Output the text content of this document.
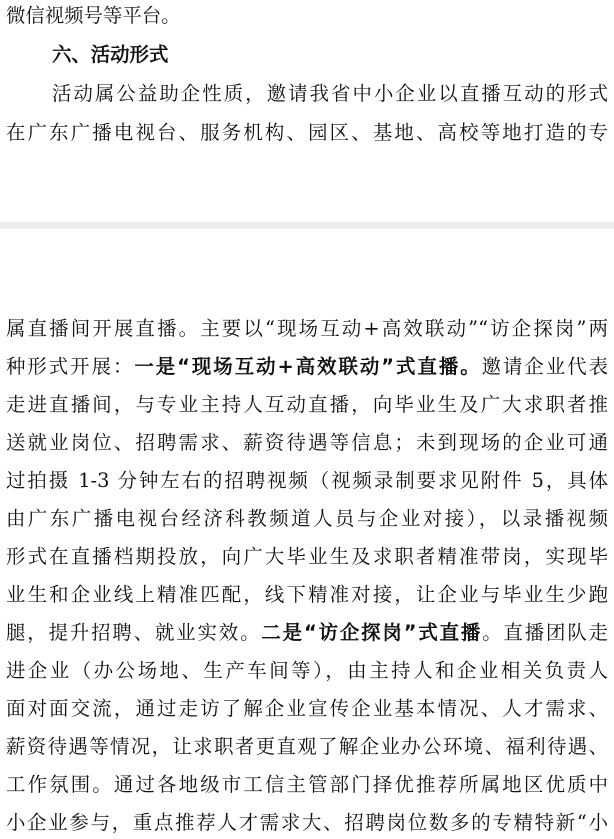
微信视频号等平台。
六、活动形式
活动属公益助企性质，邀请我省中小企业以直播互动的形式
在广东广播电视台、服务机构、园区、基地、高校等地打造的专
属直播间开展直播。主要以“现场互动+高效联动”“访企探岗”两
种形式开展：一是“现场互动+高效联动”式直播。邀请企业代表
走进直播间，与专业主持人互动直播，向毕业生及广大求职者推
送就业岗位、招聘需求、薪资待遇等信息；未到现场的企业可通
过拍摄 1-3 分钟左右的招聘视频（视频录制要求见附件 5，具体
由广东广播电视台经济科教频道人员与企业对接），以录播视频
形式在直播档期投放，向广大毕业生及求职者精准带岗，实现毕
业生和企业线上精准匹配，线下精准对接，让企业与毕业生少跑
腿，提升招聘、就业实效。二是“访企探岗”式直播。直播团队走
进企业（办公场地、生产车间等），由主持人和企业相关负责人
面对面交流，通过走访了解企业宣传企业基本情况、人才需求、
薪资待遇等情况，让求职者更直观了解企业办公环境、福利待遇、
工作氛围。通过各地级市工信主管部门择优推荐所属地区优质中
小企业参与，重点推荐人才需求大、招聘岗位数多的专精特新“小
